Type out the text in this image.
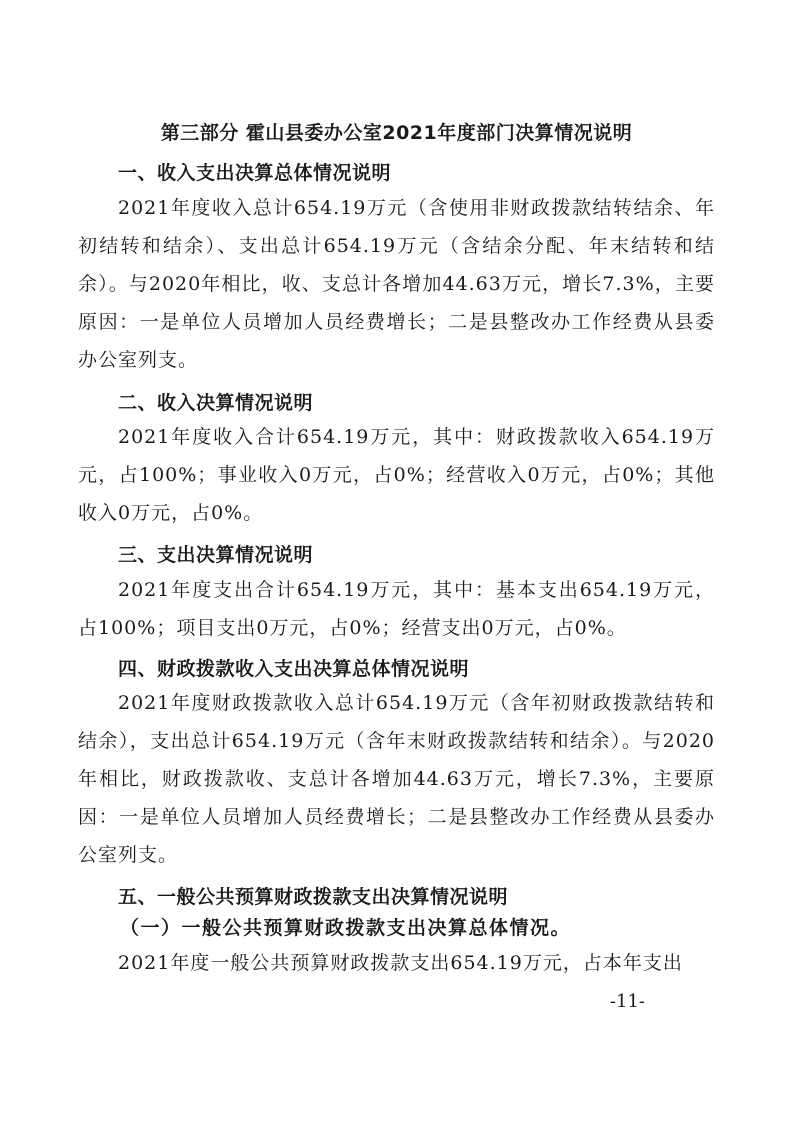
第三部分 霍山县委办公室2021年度部门决算情况说明
一、收入支出决算总体情况说明

2021年度收入总计654.19万元（含使用非财政拨款结转结余、年初结转和结余）、支出总计654.19万元（含结余分配、年末结转和结余）。与2020年相比，收、支总计各增加44.63万元，增长7.3%，主要原因：一是单位人员增加人员经费增长；二是县整改办工作经费从县委办公室列支。

二、收入决算情况说明

2021年度收入合计654.19万元，其中：财政拨款收入654.19万元，占100%；事业收入0万元，占0%；经营收入0万元，占0%；其他收入0万元，占0%。

三、支出决算情况说明

2021年度支出合计654.19万元，其中：基本支出654.19万元，占100%；项目支出0万元，占0%；经营支出0万元，占0%。

四、财政拨款收入支出决算总体情况说明

2021年度财政拨款收入总计654.19万元（含年初财政拨款结转和结余），支出总计654.19万元（含年末财政拨款结转和结余）。与2020年相比，财政拨款收、支总计各增加44.63万元，增长7.3%，主要原因：一是单位人员增加人员经费增长；二是县整改办工作经费从县委办公室列支。

五、一般公共预算财政拨款支出决算情况说明
（一）一般公共预算财政拨款支出决算总体情况。

2021年度一般公共预算财政拨款支出654.19万元，占本年支出

-11-
